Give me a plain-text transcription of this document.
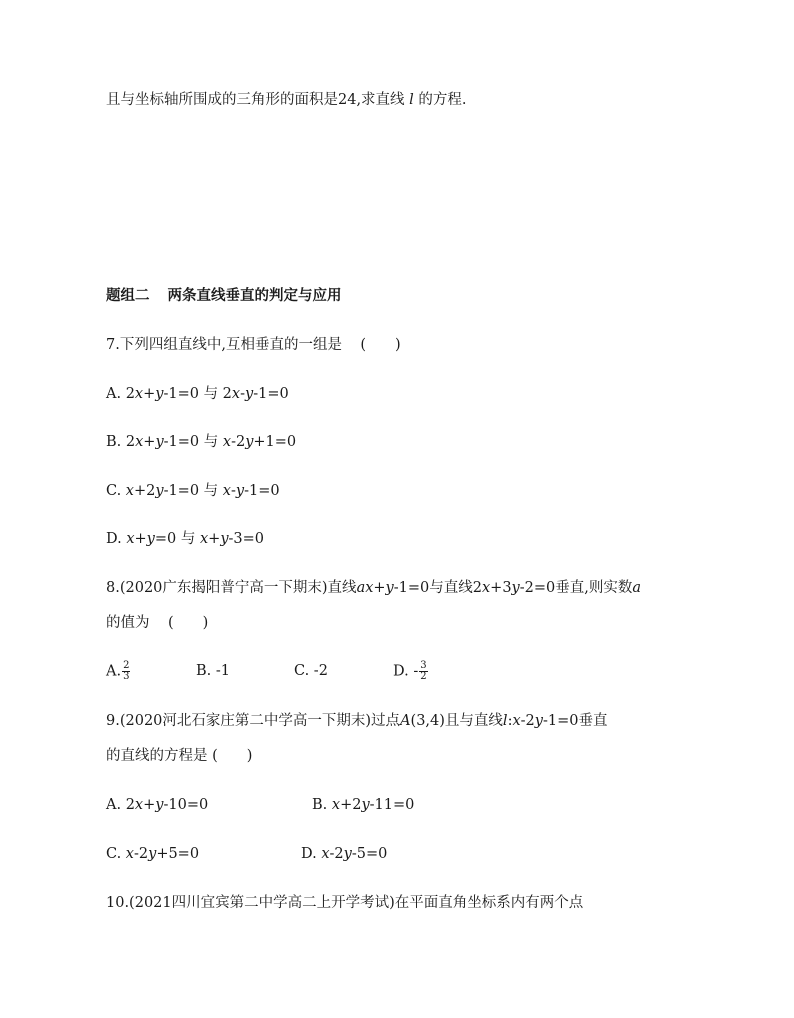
且与坐标轴所围成的三角形的面积是24,求直线 l 的方程.
题组二 两条直线垂直的判定与应用
7.下列四组直线中,互相垂直的一组是 (　　)
A. 2x+y-1=0 与 2x-y-1=0
B. 2x+y-1=0 与 x-2y+1=0
C. x+2y-1=0 与 x-y-1=0
D. x+y=0 与 x+y-3=0
8.(2020广东揭阳普宁高一下期末)直线ax+y-1=0与直线2x+3y-2=0垂直,则实数a
的值为 (　　)
A. $\frac{2}{3}$	B. -1	C. -2	D. - $\frac{3}{2}$
9.(2020河北石家庄第二中学高一下期末)过点A(3,4)且与直线l:x-2y-1=0垂直
的直线的方程是 (　　)
A. 2x+y-10=0	B. x+2y-11=0
C. x-2y+5=0	D. x-2y-5=0
10.(2021四川宜宾第二中学高二上开学考试)在平面直角坐标系内有两个点
